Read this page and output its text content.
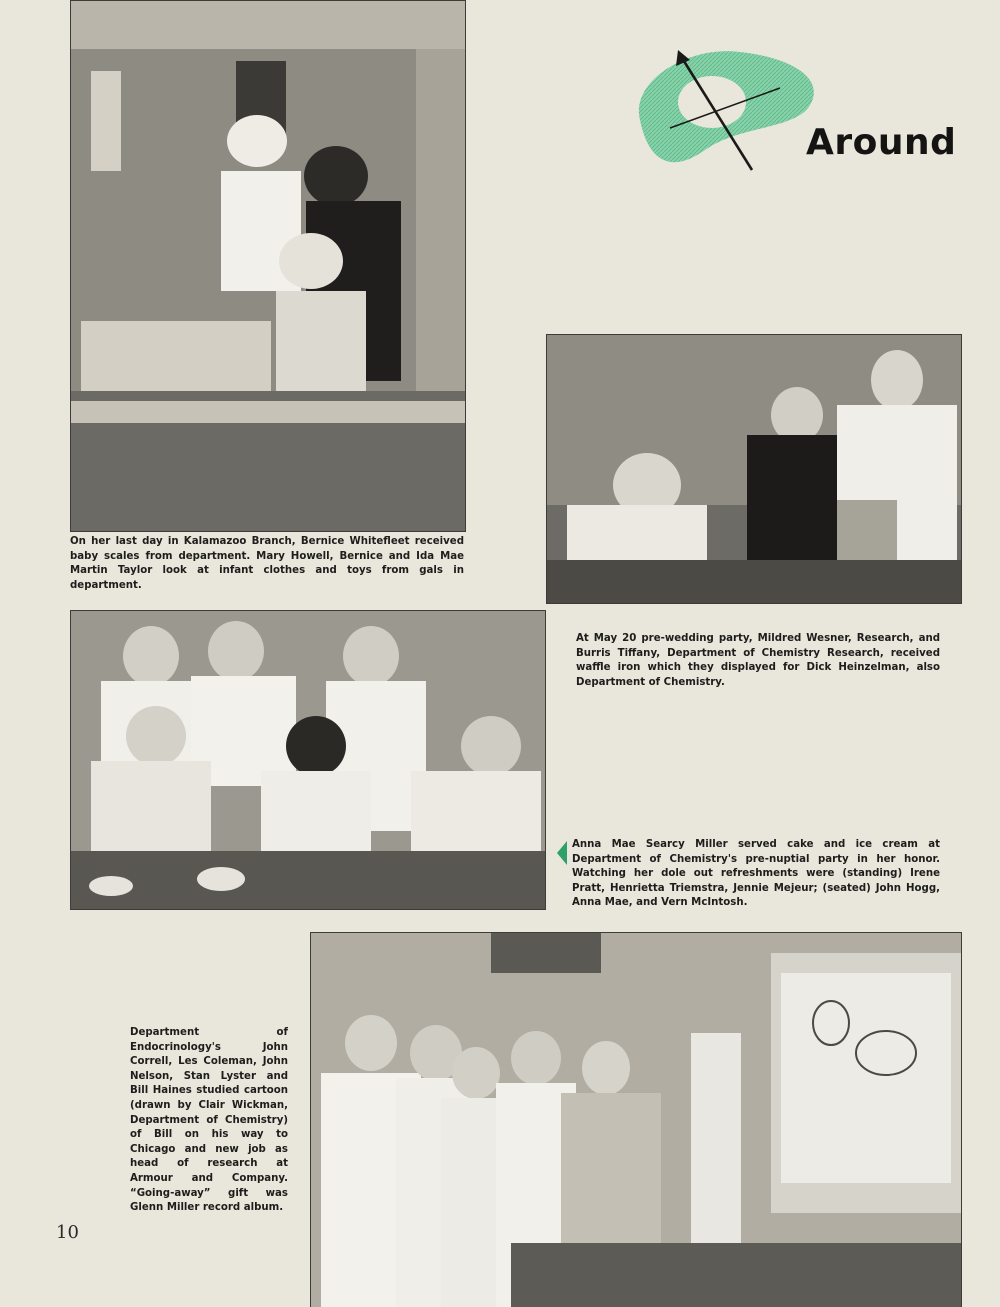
Around

On her last day in Kalamazoo Branch, Bernice Whitefleet received baby scales from department. Mary Howell, Bernice and Ida Mae Martin Taylor look at infant clothes and toys from gals in department.

At May 20 pre-wedding party, Mildred Wesner, Research, and Burris Tiffany, Department of Chemistry Research, received waffle iron which they displayed for Dick Heinzelman, also Department of Chemistry.

Anna Mae Searcy Miller served cake and ice cream at Department of Chemistry's pre-nuptial party in her honor. Watching her dole out refreshments were (standing) Irene Pratt, Henrietta Triemstra, Jennie Mejeur; (seated) John Hogg, Anna Mae, and Vern McIntosh.

Department of Endocrinology's John Correll, Les Coleman, John Nelson, Stan Lyster and Bill Haines studied cartoon (drawn by Clair Wickman, Department of Chemistry) of Bill on his way to Chicago and new job as head of research at Armour and Company. “Going-away” gift was Glenn Miller record album.

10
